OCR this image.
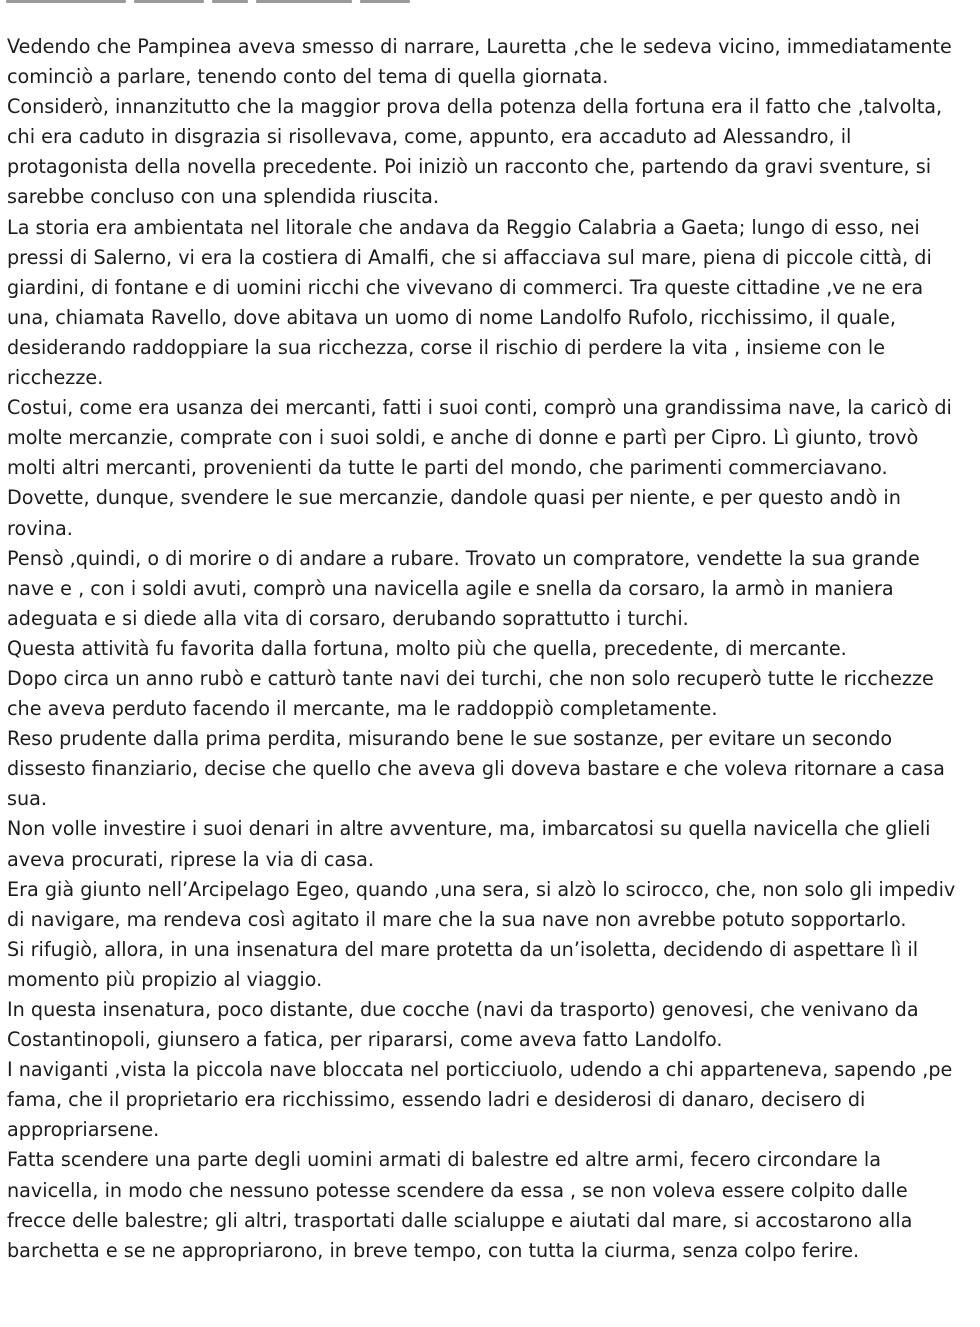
Vedendo che Pampinea aveva smesso di narrare, Lauretta ,che le sedeva vicino, immediatamente
cominciò a parlare, tenendo conto del tema di quella giornata.
Considerò, innanzitutto che la maggior prova della potenza della fortuna era il fatto che ,talvolta,
chi era caduto in disgrazia si risollevava, come, appunto, era accaduto ad Alessandro, il
protagonista della novella precedente. Poi iniziò un racconto che, partendo da gravi sventure, si
sarebbe concluso con una splendida riuscita.
La storia era ambientata nel litorale che andava da Reggio Calabria a Gaeta; lungo di esso, nei
pressi di Salerno, vi era la costiera di Amalfi, che si affacciava sul mare, piena di piccole città, di
giardini, di fontane e di uomini ricchi che vivevano di commerci. Tra queste cittadine ,ve ne era
una, chiamata Ravello, dove abitava un uomo di nome Landolfo Rufolo, ricchissimo, il quale,
desiderando raddoppiare la sua ricchezza, corse il rischio di perdere la vita , insieme con le
ricchezze.
Costui, come era usanza dei mercanti, fatti i suoi conti, comprò una grandissima nave, la caricò di
molte mercanzie, comprate con i suoi soldi, e anche di donne e partì per Cipro. Lì giunto, trovò
molti altri mercanti, provenienti da tutte le parti del mondo, che parimenti commerciavano.
Dovette, dunque, svendere le sue mercanzie, dandole quasi per niente, e per questo andò in
rovina.
Pensò ,quindi, o di morire o di andare a rubare. Trovato un compratore, vendette la sua grande
nave e , con i soldi avuti, comprò una navicella agile e snella da corsaro, la armò in maniera
adeguata e si diede alla vita di corsaro, derubando soprattutto i turchi.
Questa attività fu favorita dalla fortuna, molto più che quella, precedente, di mercante.
Dopo circa un anno rubò e catturò tante navi dei turchi, che non solo recuperò tutte le ricchezze
che aveva perduto facendo il mercante, ma le raddoppiò completamente.
Reso prudente dalla prima perdita, misurando bene le sue sostanze, per evitare un secondo
dissesto finanziario, decise che quello che aveva gli doveva bastare e che voleva ritornare a casa
sua.
Non volle investire i suoi denari in altre avventure, ma, imbarcatosi su quella navicella che glieli
aveva procurati, riprese la via di casa.
Era già giunto nell’Arcipelago Egeo, quando ,una sera, si alzò lo scirocco, che, non solo gli impediv
di navigare, ma rendeva così agitato il mare che la sua nave non avrebbe potuto sopportarlo.
Si rifugiò, allora, in una insenatura del mare protetta da un’isoletta, decidendo di aspettare lì il
momento più propizio al viaggio.
In questa insenatura, poco distante, due cocche (navi da trasporto) genovesi, che venivano da
Costantinopoli, giunsero a fatica, per ripararsi, come aveva fatto Landolfo.
I naviganti ,vista la piccola nave bloccata nel porticciuolo, udendo a chi apparteneva, sapendo ,pe
fama, che il proprietario era ricchissimo, essendo ladri e desiderosi di danaro, decisero di
appropriarsene.
Fatta scendere una parte degli uomini armati di balestre ed altre armi, fecero circondare la
navicella, in modo che nessuno potesse scendere da essa , se non voleva essere colpito dalle
frecce delle balestre; gli altri, trasportati dalle scialuppe e aiutati dal mare, si accostarono alla
barchetta e se ne appropriarono, in breve tempo, con tutta la ciurma, senza colpo ferire.
